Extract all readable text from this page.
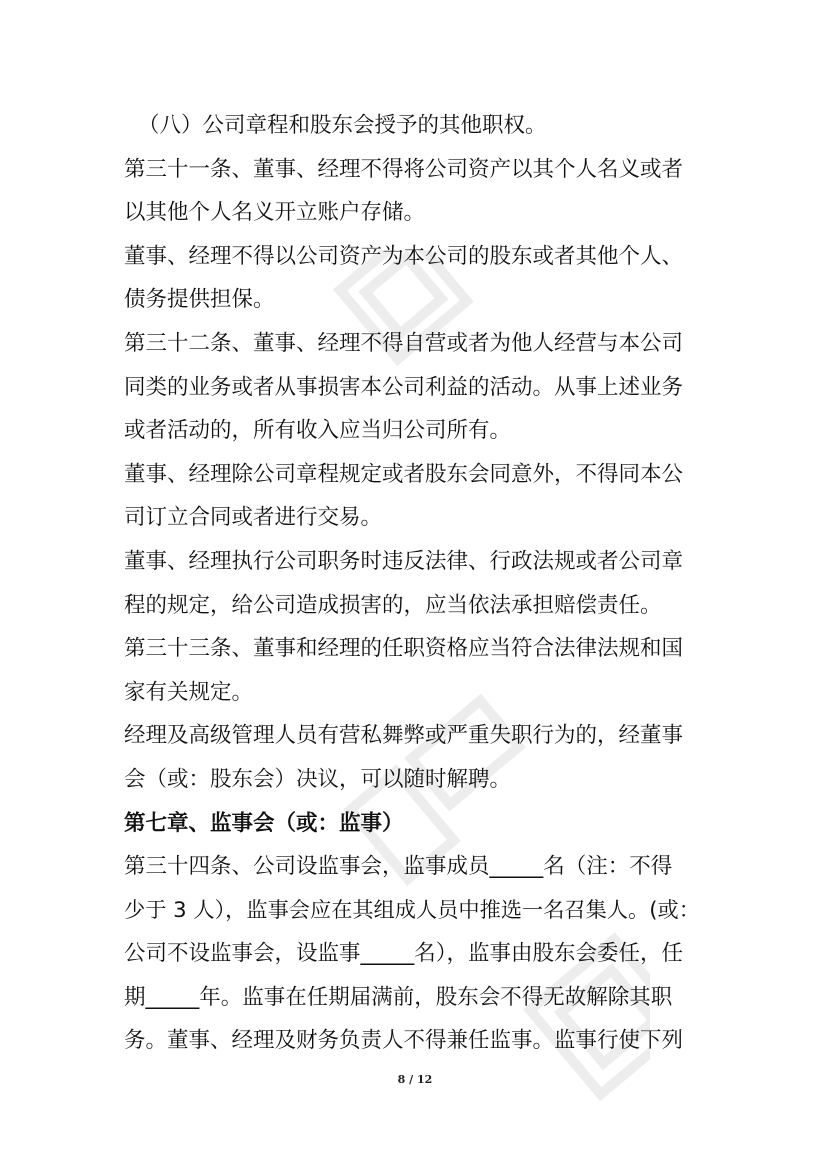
（八）公司章程和股东会授予的其他职权。
第三十一条、董事、经理不得将公司资产以其个人名义或者
以其他个人名义开立账户存储。
董事、经理不得以公司资产为本公司的股东或者其他个人、
债务提供担保。
第三十二条、董事、经理不得自营或者为他人经营与本公司
同类的业务或者从事损害本公司利益的活动。从事上述业务
或者活动的，所有收入应当归公司所有。
董事、经理除公司章程规定或者股东会同意外，不得同本公
司订立合同或者进行交易。
董事、经理执行公司职务时违反法律、行政法规或者公司章
程的规定，给公司造成损害的，应当依法承担赔偿责任。
第三十三条、董事和经理的任职资格应当符合法律法规和国
家有关规定。
经理及高级管理人员有营私舞弊或严重失职行为的，经董事
会（或：股东会）决议，可以随时解聘。
第七章、监事会（或：监事）
第三十四条、公司设监事会，监事成员_____名（注：不得
少于 3 人），监事会应在其组成人员中推选一名召集人。(或：
公司不设监事会，设监事_____名），监事由股东会委任，任
期_____年。监事在任期届满前，股东会不得无故解除其职
务。董事、经理及财务负责人不得兼任监事。监事行使下列
8 / 12
